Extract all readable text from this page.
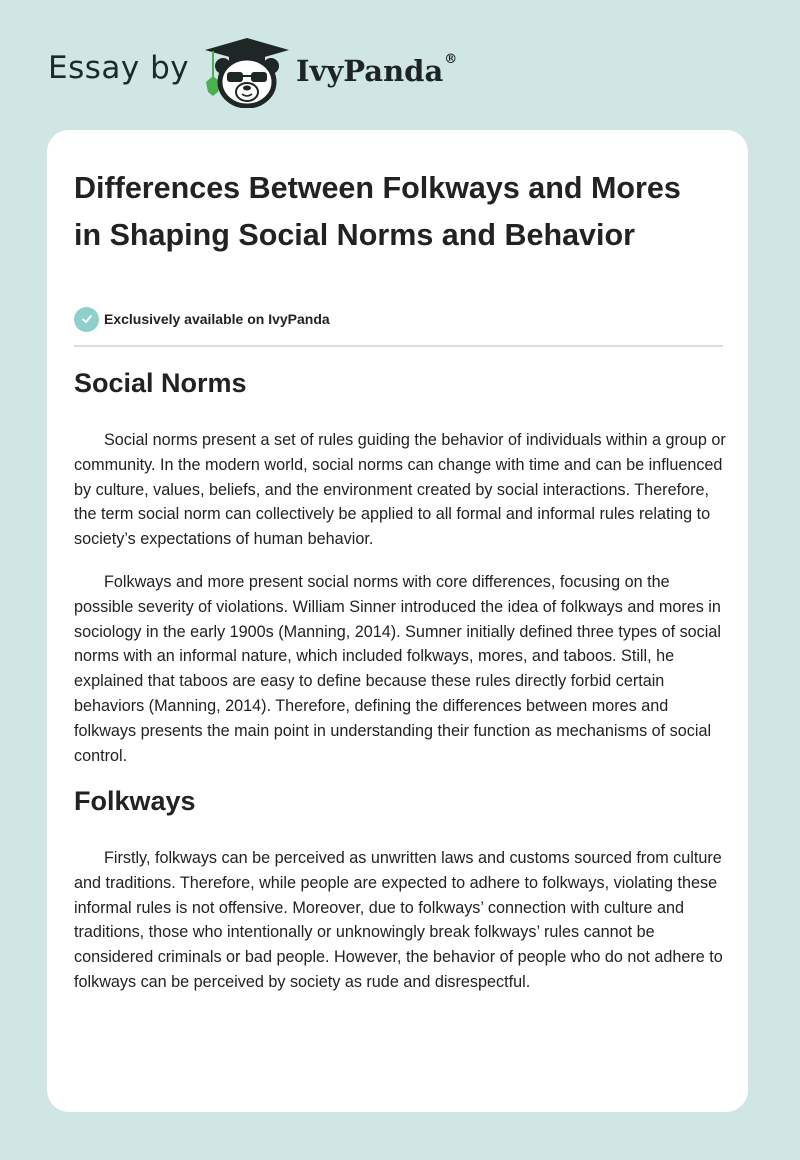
Essay by	IvyPanda®
Differences Between Folkways and Mores in Shaping Social Norms and Behavior
Exclusively available on IvyPanda
Social Norms

Social norms present a set of rules guiding the behavior of individuals within a group or community. In the modern world, social norms can change with time and can be influenced by culture, values, beliefs, and the environment created by social interactions. Therefore, the term social norm can collectively be applied to all formal and informal rules relating to society’s expectations of human behavior.

Folkways and more present social norms with core differences, focusing on the possible severity of violations. William Sinner introduced the idea of folkways and mores in sociology in the early 1900s (Manning, 2014). Sumner initially defined three types of social norms with an informal nature, which included folkways, mores, and taboos. Still, he explained that taboos are easy to define because these rules directly forbid certain behaviors (Manning, 2014). Therefore, defining the differences between mores and folkways presents the main point in understanding their function as mechanisms of social control.

Folkways

Firstly, folkways can be perceived as unwritten laws and customs sourced from culture and traditions. Therefore, while people are expected to adhere to folkways, violating these informal rules is not offensive. Moreover, due to folkways’ connection with culture and traditions, those who intentionally or unknowingly break folkways’ rules cannot be considered criminals or bad people. However, the behavior of people who do not adhere to folkways can be perceived by society as rude and disrespectful.
